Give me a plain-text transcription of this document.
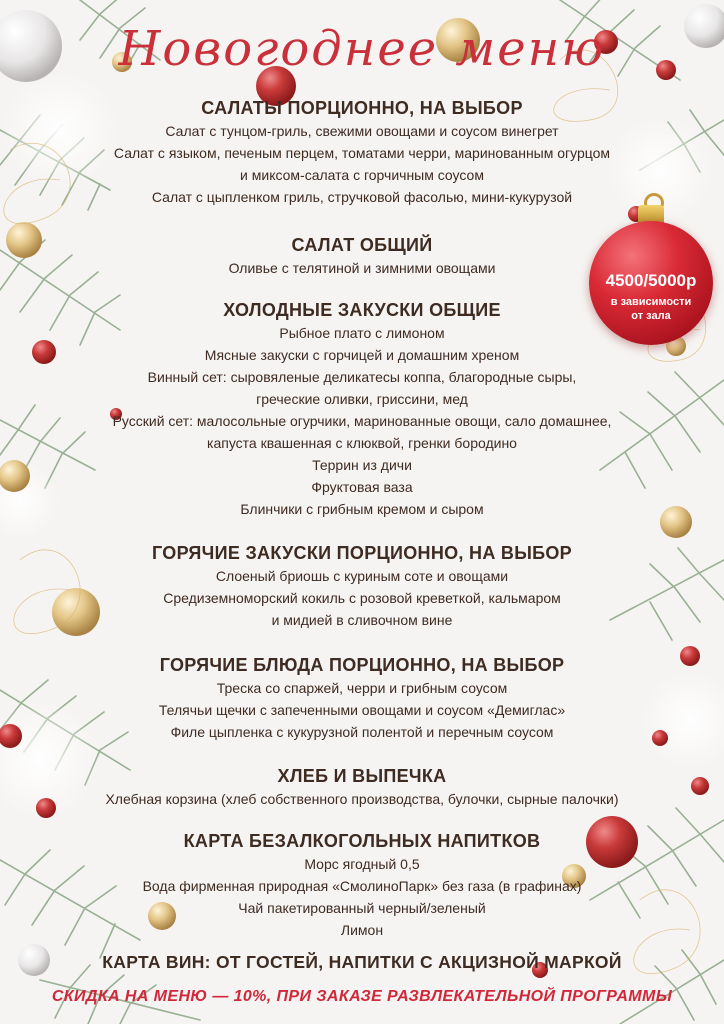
Новогоднее меню
САЛАТЫ ПОРЦИОННО, НА ВЫБОР
Салат с тунцом-гриль, свежими овощами и соусом винегрет
Салат с языком, печеным перцем, томатами черри, маринованным огурцом
и миксом-салата с горчичным соусом
Салат с цыпленком гриль, стручковой фасолью, мини-кукурузой
САЛАТ ОБЩИЙ
Оливье с телятиной и зимними овощами
ХОЛОДНЫЕ ЗАКУСКИ ОБЩИЕ
Рыбное плато с лимоном
Мясные закуски с горчицей и домашним хреном
Винный сет: сыровяленые деликатесы коппа, благородные сыры,
греческие оливки, гриссини, мед
Русский сет: малосольные огурчики, маринованные овощи, сало домашнее,
капуста квашенная с клюквой, гренки бородино
Террин из дичи
Фруктовая ваза
Блинчики с грибным кремом и сыром
ГОРЯЧИЕ ЗАКУСКИ ПОРЦИОННО, НА ВЫБОР
Слоеный бриошь с куриным соте и овощами
Средиземноморский кокиль с розовой креветкой, кальмаром
и мидией в сливочном вине
ГОРЯЧИЕ БЛЮДА ПОРЦИОННО, НА ВЫБОР
Треска со спаржей, черри и грибным соусом
Телячьи щечки с запеченными овощами и соусом «Демиглас»
Филе цыпленка с кукурузной полентой и перечным соусом
ХЛЕБ И ВЫПЕЧКА
Хлебная корзина (хлеб собственного производства, булочки, сырные палочки)
КАРТА БЕЗАЛКОГОЛЬНЫХ НАПИТКОВ
Морс ягодный 0,5
Вода фирменная природная «СмолиноПарк» без газа (в графинах)
Чай пакетированный черный/зеленый
Лимон
КАРТА ВИН: ОТ ГОСТЕЙ, НАПИТКИ С АКЦИЗНОЙ МАРКОЙ
СКИДКА НА МЕНЮ — 10%, ПРИ ЗАКАЗЕ РАЗВЛЕКАТЕЛЬНОЙ ПРОГРАММЫ
4500/5000р
в зависимости
от зала
